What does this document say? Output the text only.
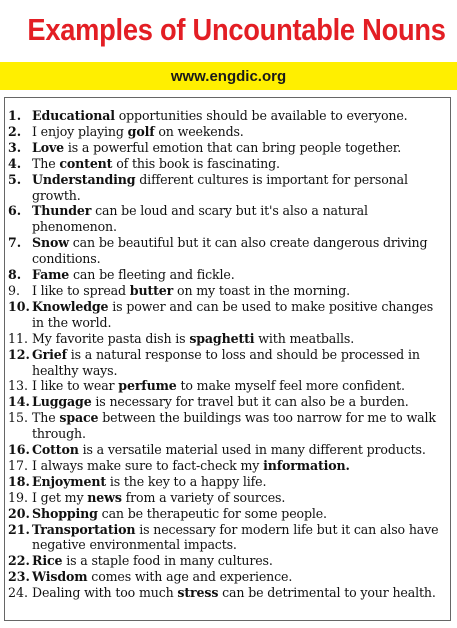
Examples of Uncountable Nouns
www.engdic.org
1. Educational opportunities should be available to everyone.
2. I enjoy playing golf on weekends.
3. Love is a powerful emotion that can bring people together.
4. The content of this book is fascinating.
5. Understanding different cultures is important for personal growth.
6. Thunder can be loud and scary but it's also a natural phenomenon.
7. Snow can be beautiful but it can also create dangerous driving conditions.
8. Fame can be fleeting and fickle.
9. I like to spread butter on my toast in the morning.
10. Knowledge is power and can be used to make positive changes in the world.
11. My favorite pasta dish is spaghetti with meatballs.
12. Grief is a natural response to loss and should be processed in healthy ways.
13. I like to wear perfume to make myself feel more confident.
14. Luggage is necessary for travel but it can also be a burden.
15. The space between the buildings was too narrow for me to walk through.
16. Cotton is a versatile material used in many different products.
17. I always make sure to fact-check my information.
18. Enjoyment is the key to a happy life.
19. I get my news from a variety of sources.
20. Shopping can be therapeutic for some people.
21. Transportation is necessary for modern life but it can also have negative environmental impacts.
22. Rice is a staple food in many cultures.
23. Wisdom comes with age and experience.
24. Dealing with too much stress can be detrimental to your health.
